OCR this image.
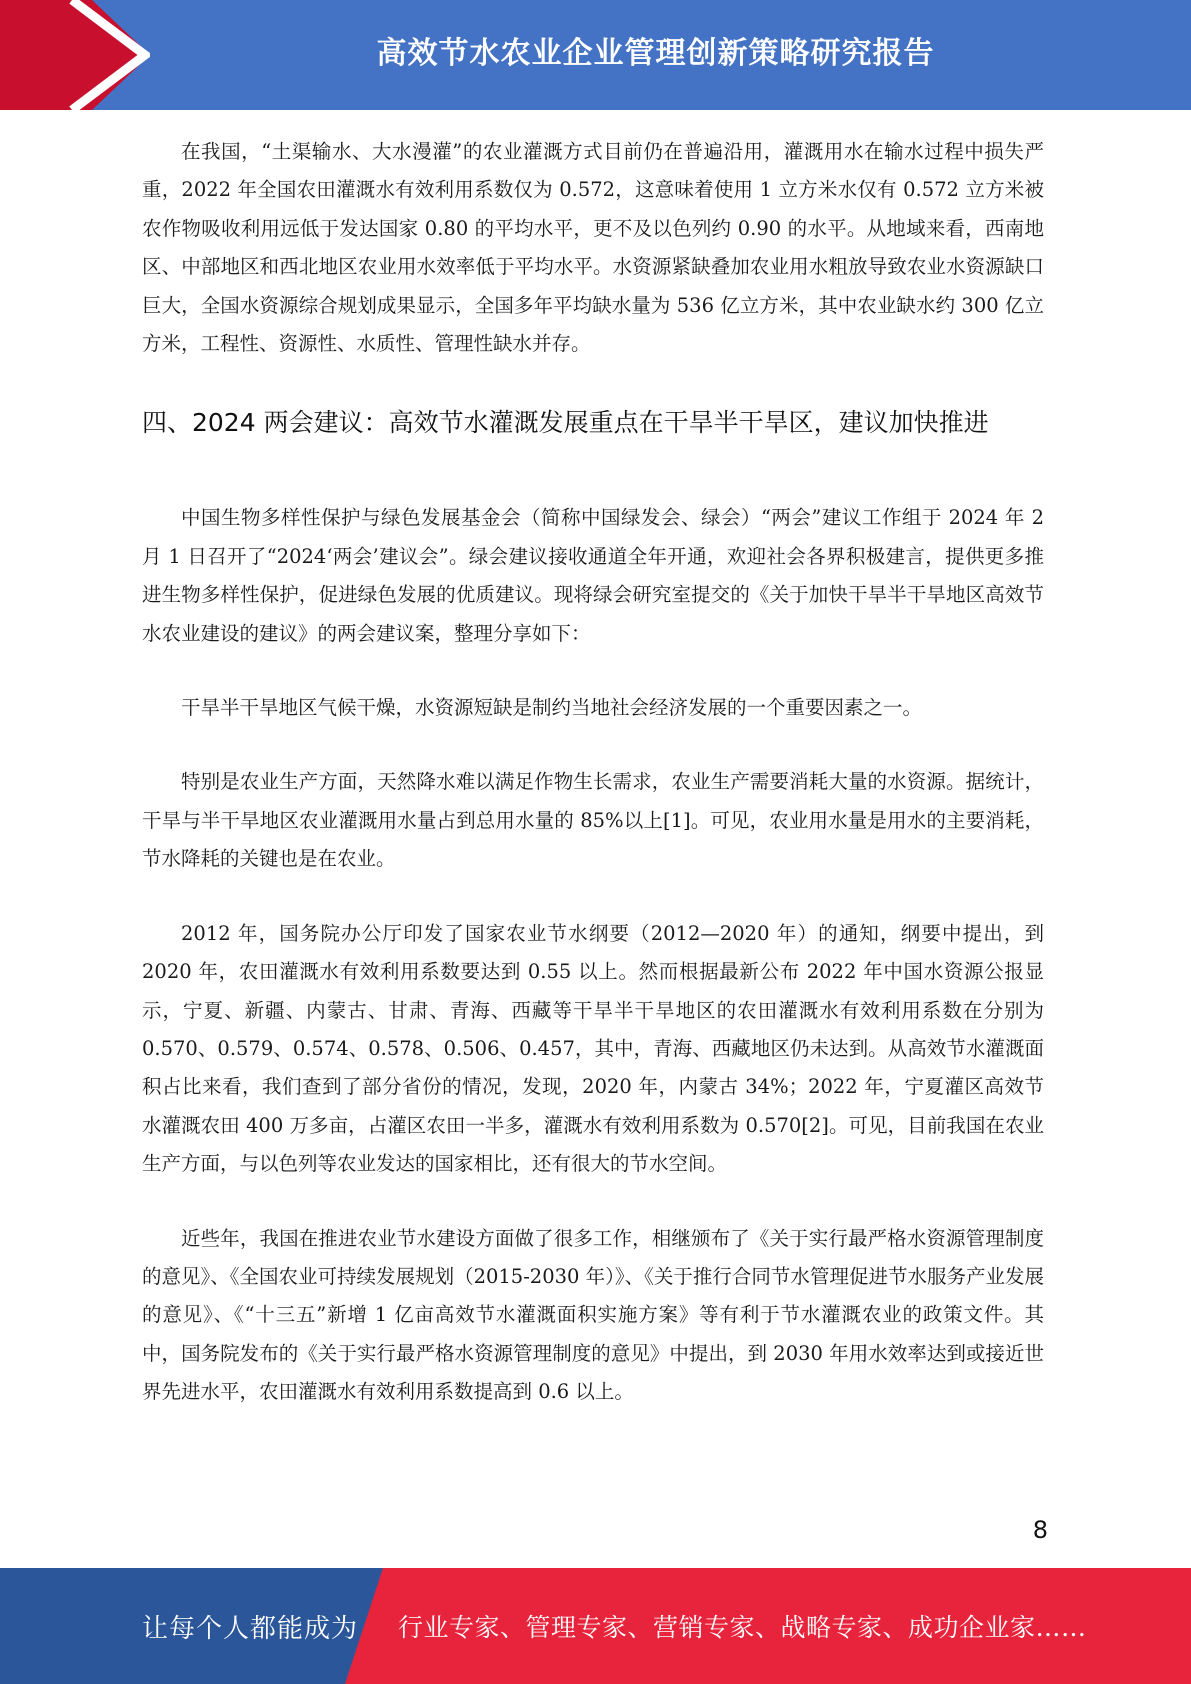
高效节水农业企业管理创新策略研究报告

在我国，“土渠输水、大水漫灌”的农业灌溉方式目前仍在普遍沿用，灌溉用水在输水过程中损失严重，2022 年全国农田灌溉水有效利用系数仅为 0.572，这意味着使用 1 立方米水仅有 0.572 立方米被农作物吸收利用远低于发达国家 0.80 的平均水平，更不及以色列约 0.90 的水平。从地域来看，西南地区、中部地区和西北地区农业用水效率低于平均水平。水资源紧缺叠加农业用水粗放导致农业水资源缺口巨大，全国水资源综合规划成果显示，全国多年平均缺水量为 536 亿立方米，其中农业缺水约 300 亿立方米，工程性、资源性、水质性、管理性缺水并存。

四、2024 两会建议：高效节水灌溉发展重点在干旱半干旱区，建议加快推进

中国生物多样性保护与绿色发展基金会（简称中国绿发会、绿会）“两会”建议工作组于 2024 年 2 月 1 日召开了“2024‘两会’建议会”。绿会建议接收通道全年开通，欢迎社会各界积极建言，提供更多推进生物多样性保护，促进绿色发展的优质建议。现将绿会研究室提交的《关于加快干旱半干旱地区高效节水农业建设的建议》的两会建议案，整理分享如下：

干旱半干旱地区气候干燥，水资源短缺是制约当地社会经济发展的一个重要因素之一。

特别是农业生产方面，天然降水难以满足作物生长需求，农业生产需要消耗大量的水资源。据统计，干旱与半干旱地区农业灌溉用水量占到总用水量的 85%以上[1]。可见，农业用水量是用水的主要消耗，节水降耗的关键也是在农业。

2012 年，国务院办公厅印发了国家农业节水纲要（2012—2020 年）的通知，纲要中提出，到 2020 年，农田灌溉水有效利用系数要达到 0.55 以上。然而根据最新公布 2022 年中国水资源公报显示，宁夏、新疆、内蒙古、甘肃、青海、西藏等干旱半干旱地区的农田灌溉水有效利用系数在分别为 0.570、0.579、0.574、0.578、0.506、0.457，其中，青海、西藏地区仍未达到。从高效节水灌溉面积占比来看，我们查到了部分省份的情况，发现，2020 年，内蒙古 34%；2022 年，宁夏灌区高效节水灌溉农田 400 万多亩，占灌区农田一半多，灌溉水有效利用系数为 0.570[2]。可见，目前我国在农业生产方面，与以色列等农业发达的国家相比，还有很大的节水空间。

近些年，我国在推进农业节水建设方面做了很多工作，相继颁布了《关于实行最严格水资源管理制度的意见》、《全国农业可持续发展规划（2015-2030 年）》、《关于推行合同节水管理促进节水服务产业发展的意见》、《“十三五”新增 1 亿亩高效节水灌溉面积实施方案》等有利于节水灌溉农业的政策文件。其中，国务院发布的《关于实行最严格水资源管理制度的意见》中提出，到 2030 年用水效率达到或接近世界先进水平，农田灌溉水有效利用系数提高到 0.6 以上。

8
让每个人都能成为 行业专家、管理专家、营销专家、战略专家、成功企业家……
